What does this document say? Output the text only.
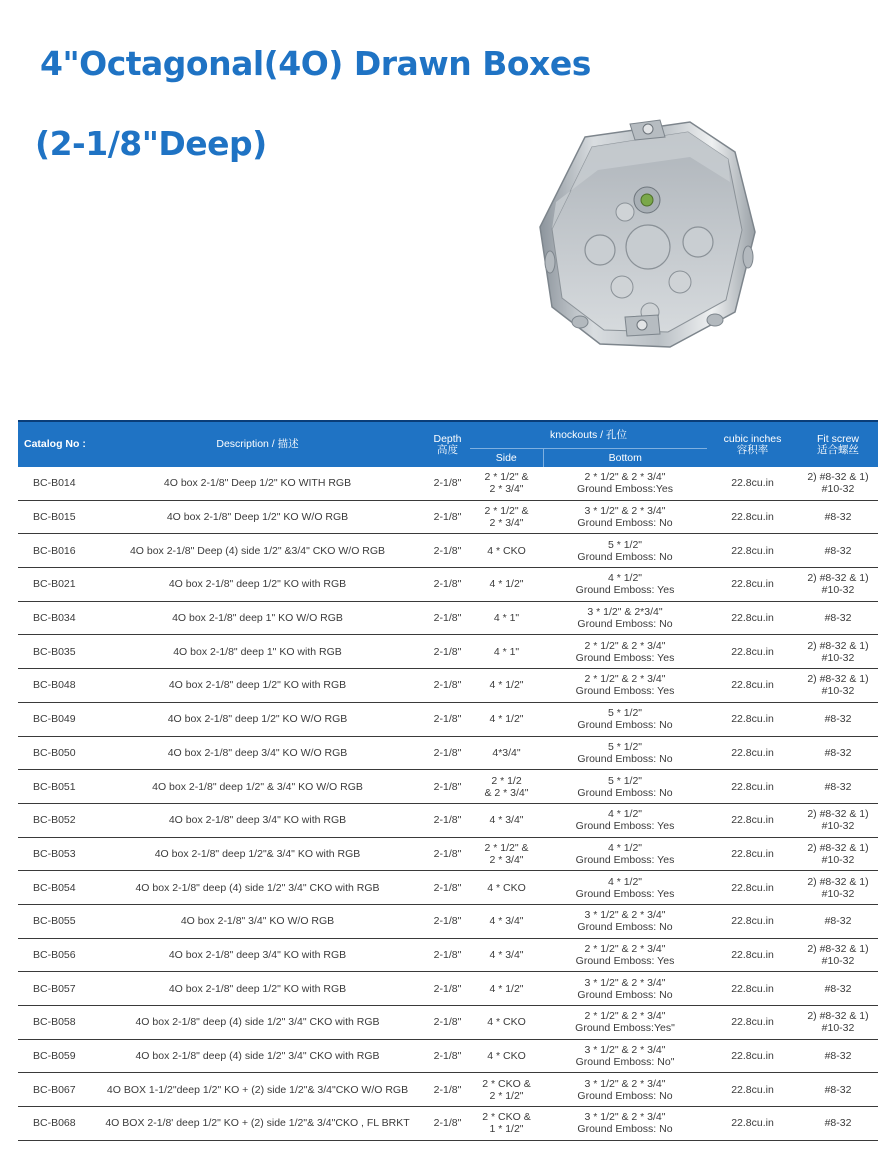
4"Octagonal(4O) Drawn Boxes

(2-1/8"Deep)

Catalog No :	Description / 描述	Depth
高度	knockouts / 孔位		cubic inches
容积率	Fit screw
适合螺丝

			Side	Bottom		

BC-B014	4O box 2-1/8" Deep 1/2" KO WITH RGB	2-1/8"	2 * 1/2" &
2 * 3/4"	2 * 1/2" & 2 * 3/4"
Ground Emboss:Yes	22.8cu.in	2) #8-32 & 1)
#10-32

BC-B015	4O box 2-1/8" Deep 1/2" KO W/O RGB	2-1/8"	2 * 1/2" &
2 * 3/4"	3 * 1/2" & 2 * 3/4"
Ground Emboss: No	22.8cu.in	#8-32

BC-B016	4O box 2-1/8" Deep (4) side 1/2" &3/4" CKO W/O RGB	2-1/8"	4 * CKO	5 * 1/2"
Ground Emboss: No	22.8cu.in	#8-32

BC-B021	4O box 2-1/8" deep 1/2" KO with RGB	2-1/8"	4 * 1/2"	4 * 1/2"
Ground Emboss: Yes	22.8cu.in	2) #8-32 & 1)
#10-32

BC-B034	4O box 2-1/8" deep 1" KO W/O RGB	2-1/8"	4 * 1"	3 * 1/2" & 2*3/4"
Ground Emboss: No	22.8cu.in	#8-32

BC-B035	4O box 2-1/8" deep 1" KO with RGB	2-1/8"	4 * 1"	2 * 1/2" & 2 * 3/4"
Ground Emboss: Yes	22.8cu.in	2) #8-32 & 1)
#10-32

BC-B048	4O box 2-1/8" deep 1/2" KO with RGB	2-1/8"	4 * 1/2"	2 * 1/2" & 2 * 3/4"
Ground Emboss: Yes	22.8cu.in	2) #8-32 & 1)
#10-32

BC-B049	4O box 2-1/8" deep 1/2" KO W/O RGB	2-1/8"	4 * 1/2"	5 * 1/2"
Ground Emboss: No	22.8cu.in	#8-32

BC-B050	4O box 2-1/8" deep 3/4" KO W/O RGB	2-1/8"	4*3/4"	5 * 1/2"
Ground Emboss: No	22.8cu.in	#8-32

BC-B051	4O box 2-1/8" deep 1/2" & 3/4" KO W/O RGB	2-1/8"	2 * 1/2
& 2 * 3/4"	5 * 1/2"
Ground Emboss: No	22.8cu.in	#8-32

BC-B052	4O box 2-1/8" deep 3/4" KO with RGB	2-1/8"	4 * 3/4"	4 * 1/2"
Ground Emboss: Yes	22.8cu.in	2) #8-32 & 1)
#10-32

BC-B053	4O box 2-1/8" deep 1/2"& 3/4" KO with RGB	2-1/8"	2 * 1/2" &
2 * 3/4"	4 * 1/2"
Ground Emboss: Yes	22.8cu.in	2) #8-32 & 1)
#10-32

BC-B054	4O box 2-1/8" deep (4) side 1/2" 3/4" CKO with RGB	2-1/8"	4 * CKO	4 * 1/2"
Ground Emboss: Yes	22.8cu.in	2) #8-32 & 1)
#10-32

BC-B055	4O box 2-1/8" 3/4" KO W/O RGB	2-1/8"	4 * 3/4"	3 * 1/2" & 2 * 3/4"
Ground Emboss: No	22.8cu.in	#8-32

BC-B056	4O box 2-1/8" deep 3/4" KO with RGB	2-1/8"	4 * 3/4"	2 * 1/2" & 2 * 3/4"
Ground Emboss: Yes	22.8cu.in	2) #8-32 & 1)
#10-32

BC-B057	4O box 2-1/8" deep 1/2" KO with RGB	2-1/8"	4 * 1/2"	3 * 1/2" & 2 * 3/4"
Ground Emboss: No	22.8cu.in	#8-32

BC-B058	4O box 2-1/8" deep (4) side 1/2" 3/4" CKO with RGB	2-1/8"	4 * CKO	2 * 1/2" & 2 * 3/4"
Ground Emboss:Yes"	22.8cu.in	2) #8-32 & 1)
#10-32

BC-B059	4O box 2-1/8" deep (4) side 1/2" 3/4" CKO with RGB	2-1/8"	4 * CKO	3 * 1/2" & 2 * 3/4"
Ground Emboss: No"	22.8cu.in	#8-32

BC-B067	4O BOX 1-1/2"deep 1/2" KO + (2) side 1/2"& 3/4"CKO W/O RGB	2-1/8"	2 * CKO &
2 * 1/2"	3 * 1/2" & 2 * 3/4"
Ground Emboss: No	22.8cu.in	#8-32

BC-B068	4O BOX 2-1/8' deep 1/2" KO + (2) side 1/2"& 3/4"CKO , FL BRKT	2-1/8"	2 * CKO &
1 * 1/2"	3 * 1/2" & 2 * 3/4"
Ground Emboss: No	22.8cu.in	#8-32
